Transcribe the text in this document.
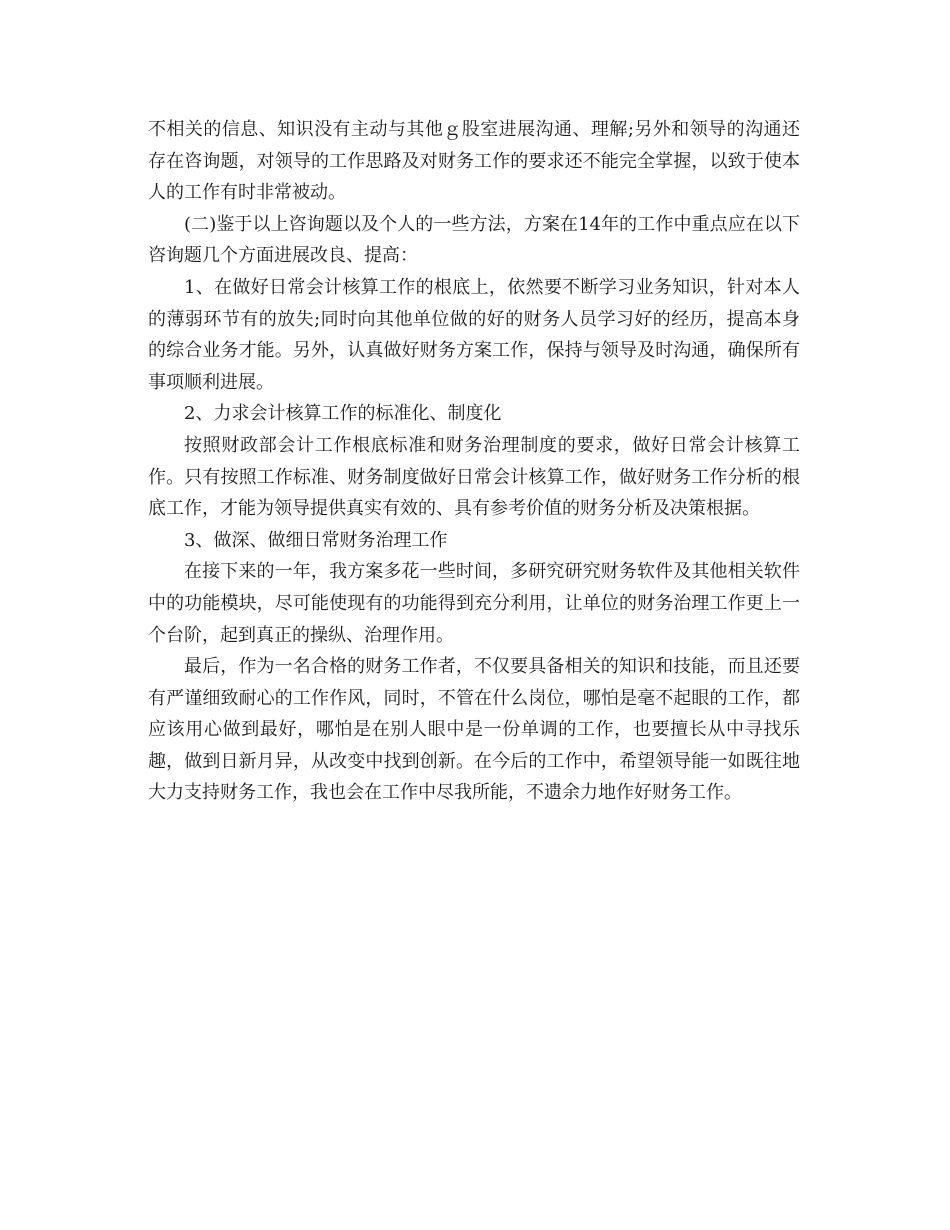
不相关的信息、知识没有主动与其他ｇ股室进展沟通、理解;另外和领导的沟通还存在咨询题，对领导的工作思路及对财务工作的要求还不能完全掌握，以致于使本人的工作有时非常被动。

(二)鉴于以上咨询题以及个人的一些方法，方案在14年的工作中重点应在以下咨询题几个方面进展改良、提高：

1、在做好日常会计核算工作的根底上，依然要不断学习业务知识，针对本人的薄弱环节有的放失;同时向其他单位做的好的财务人员学习好的经历，提高本身的综合业务才能。另外，认真做好财务方案工作，保持与领导及时沟通，确保所有事项顺利进展。

2、力求会计核算工作的标准化、制度化

按照财政部会计工作根底标准和财务治理制度的要求，做好日常会计核算工作。只有按照工作标准、财务制度做好日常会计核算工作，做好财务工作分析的根底工作，才能为领导提供真实有效的、具有参考价值的财务分析及决策根据。

3、做深、做细日常财务治理工作

在接下来的一年，我方案多花一些时间，多研究研究财务软件及其他相关软件中的功能模块，尽可能使现有的功能得到充分利用，让单位的财务治理工作更上一个台阶，起到真正的操纵、治理作用。

最后，作为一名合格的财务工作者，不仅要具备相关的知识和技能，而且还要有严谨细致耐心的工作作风，同时，不管在什么岗位，哪怕是毫不起眼的工作，都应该用心做到最好，哪怕是在别人眼中是一份单调的工作，也要擅长从中寻找乐趣，做到日新月异，从改变中找到创新。在今后的工作中，希望领导能一如既往地大力支持财务工作，我也会在工作中尽我所能，不遗余力地作好财务工作。
